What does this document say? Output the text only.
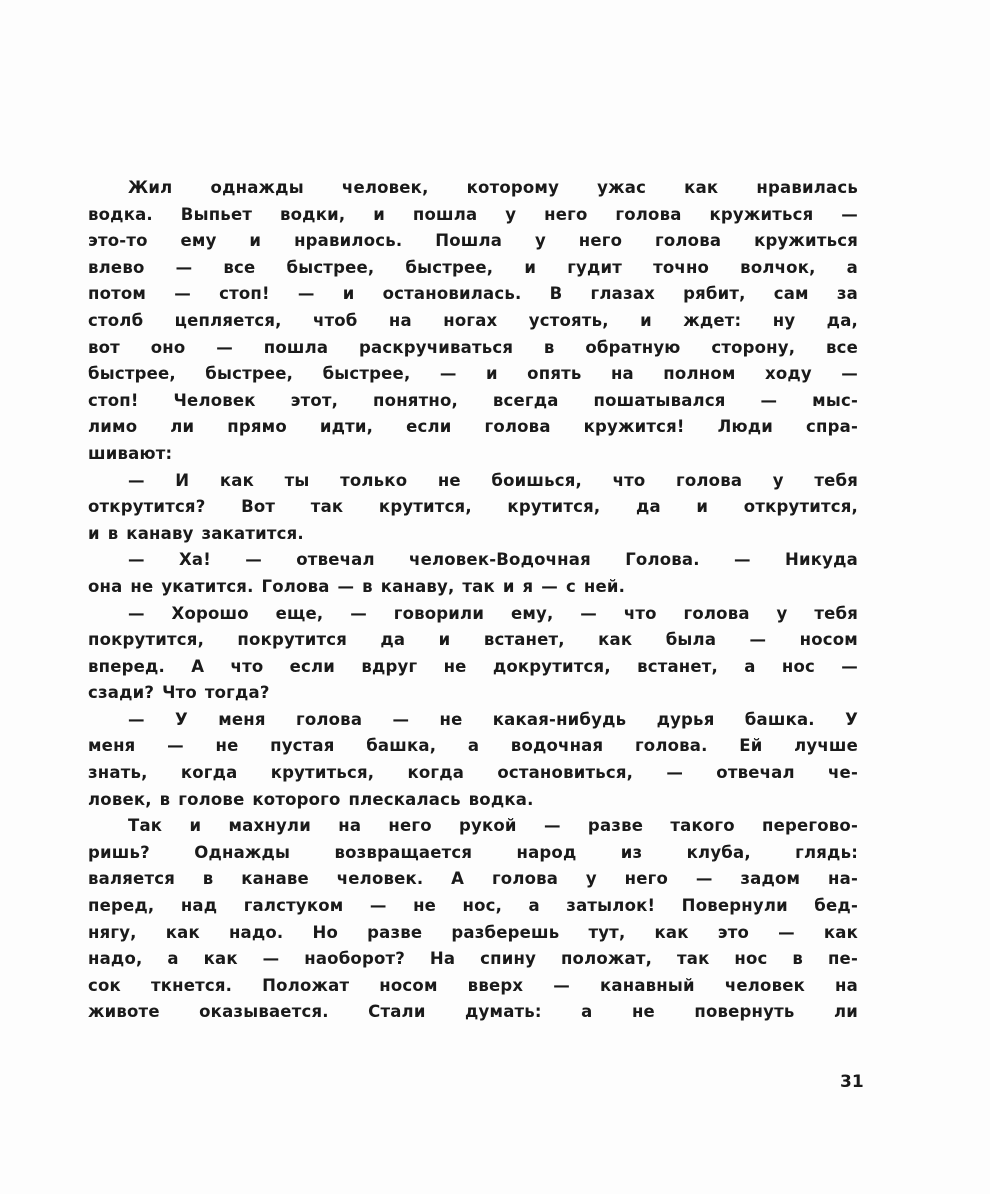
Жил однажды человек, которому ужас как нравилась
водка. Выпьет водки, и пошла у него голова кружиться —
это-то ему и нравилось. Пошла у него голова кружиться
влево — все быстрее, быстрее, и гудит точно волчок, а
потом — стоп! — и остановилась. В глазах рябит, сам за
столб цепляется, чтоб на ногах устоять, и ждет: ну да,
вот оно — пошла раскручиваться в обратную сторону, все
быстрее, быстрее, быстрее, — и опять на полном ходу —
стоп! Человек этот, понятно, всегда пошатывался — мыс-
лимо ли прямо идти, если голова кружится! Люди спра-
шивают:
— И как ты только не боишься, что голова у тебя
открутится? Вот так крутится, крутится, да и открутится,
и в канаву закатится.
— Ха! — отвечал человек-Водочная Голова. — Никуда
она не укатится. Голова — в канаву, так и я — с ней.
— Хорошо еще, — говорили ему, — что голова у тебя
покрутится, покрутится да и встанет, как была — носом
вперед. А что если вдруг не докрутится, встанет, а нос —
сзади? Что тогда?
— У меня голова — не какая-нибудь дурья башка. У
меня — не пустая башка, а водочная голова. Ей лучше
знать, когда крутиться, когда остановиться, — отвечал че-
ловек, в голове которого плескалась водка.
Так и махнули на него рукой — разве такого перегово-
ришь? Однажды возвращается народ из клуба, глядь:
валяется в канаве человек. А голова у него — задом на-
перед, над галстуком — не нос, а затылок! Повернули бед-
нягу, как надо. Но разве разберешь тут, как это — как
надо, а как — наоборот? На спину положат, так нос в пе-
сок ткнется. Положат носом вверх — канавный человек на
животе оказывается. Стали думать: а не повернуть ли
31
